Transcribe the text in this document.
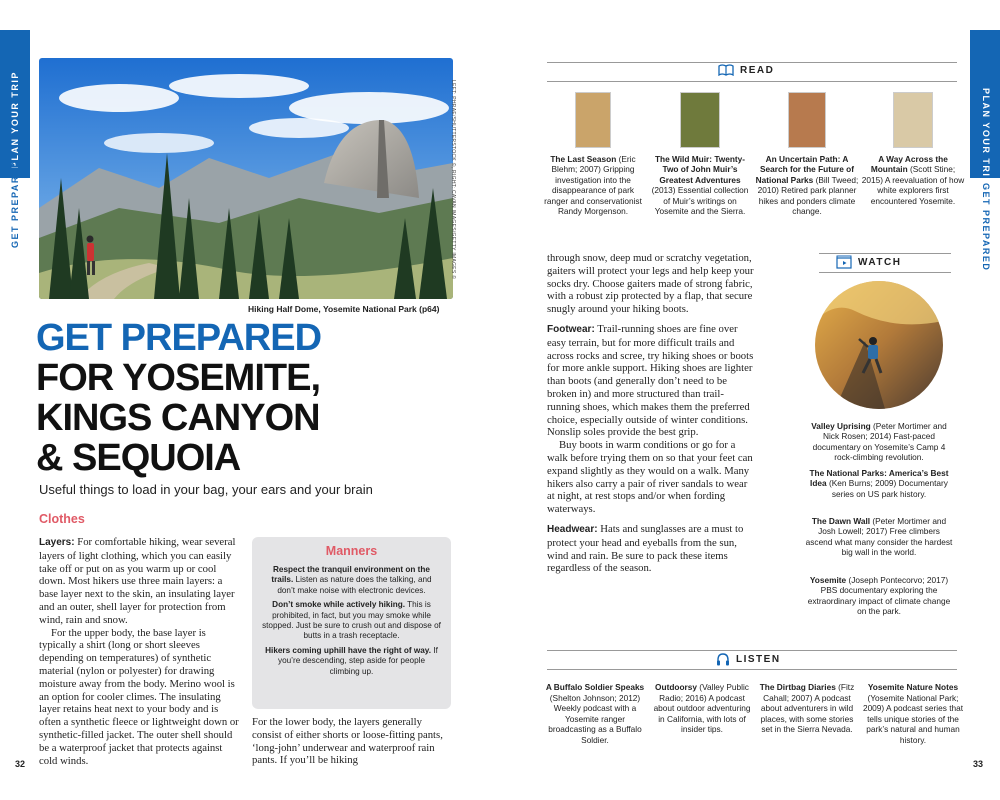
PLAN YOUR TRIP
GET PREPARED
PLAN YOUR TRIP
GET PREPARED
32	33
LEFT: PHRAE/SHUTTERSTOCK ©, RIGHT: CAVAN IMAGES/GETTY IMAGES ©
Hiking Half Dome, Yosemite National Park (p64)
GET PREPARED
FOR YOSEMITE,
KINGS CANYON
& SEQUOIA
Useful things to load in your bag, your ears and your brain
Clothes

Layers: For comfortable hiking, wear several layers of light clothing, which you can easily take off or put on as you warm up or cool down. Most hikers use three main layers: a base layer next to the skin, an insulating layer and an outer, shell layer for protection from wind, rain and snow.

For the upper body, the base layer is typically a shirt (long or short sleeves depending on temperatures) of synthetic material (nylon or polyester) for drawing moisture away from the body. Merino wool is an option for cooler climes. The insulating layer retains heat next to your body and is often a synthetic fleece or lightweight down or synthetic-filled jacket. The outer shell should be a waterproof jacket that protects against cold winds.

Manners

Respect the tranquil environment on the trails. Listen as nature does the talking, and don’t make noise with electronic devices.

Don’t smoke while actively hiking. This is prohibited, in fact, but you may smoke while stopped. Just be sure to crush out and dispose of butts in a trash receptacle.

Hikers coming uphill have the right of way. If you’re descending, step aside for people climbing up.

For the lower body, the layers generally consist of either shorts or loose-fitting pants, ‘long-john’ underwear and waterproof rain pants. If you’ll be hiking

READ
The Last Season (Eric Blehm; 2007) Gripping investigation into the disappearance of park ranger and conservationist Randy Morgenson.
The Wild Muir: Twenty-Two of John Muir’s Greatest Adventures (2013) Essential collection of Muir’s writings on Yosemite and the Sierra.
An Uncertain Path: A Search for the Future of National Parks (Bill Tweed; 2010) Retired park planner hikes and ponders climate change.
A Way Across the Mountain (Scott Stine; 2015) A reevaluation of how white explorers first encountered Yosemite.

through snow, deep mud or scratchy vegetation, gaiters will protect your legs and help keep your socks dry. Choose gaiters made of strong fabric, with a robust zip protected by a flap, that secure snugly around your hiking boots.

Footwear: Trail-running shoes are fine over easy terrain, but for more difficult trails and across rocks and scree, try hiking shoes or boots for more ankle support. Hiking shoes are lighter than boots (and generally don’t need to be broken in) and more structured than trail-running shoes, which makes them the preferred choice, especially outside of winter conditions. Nonslip soles provide the best grip.

Buy boots in warm conditions or go for a walk before trying them on so that your feet can expand slightly as they would on a walk. Many hikers also carry a pair of river sandals to wear at night, at rest stops and/or when fording waterways.

Headwear: Hats and sunglasses are a must to protect your head and eyeballs from the sun, wind and rain. Be sure to pack these items regardless of the season.

WATCH
Valley Uprising (Peter Mortimer and Nick Rosen; 2014) Fast-paced documentary on Yosemite’s Camp 4 rock-climbing revolution.
The National Parks: America’s Best Idea (Ken Burns; 2009) Documentary series on US park history.
The Dawn Wall (Peter Mortimer and Josh Lowell; 2017) Free climbers ascend what many consider the hardest big wall in the world.
Yosemite (Joseph Pontecorvo; 2017) PBS documentary exploring the extraordinary impact of climate change on the park.
LISTEN
A Buffalo Soldier Speaks (Shelton Johnson; 2012) Weekly podcast with a Yosemite ranger broadcasting as a Buffalo Soldier.
Outdoorsy (Valley Public Radio; 2016) A podcast about outdoor adventuring in California, with lots of insider tips.
The Dirtbag Diaries (Fitz Cahall; 2007) A podcast about adventurers in wild places, with some stories set in the Sierra Nevada.
Yosemite Nature Notes (Yosemite National Park; 2009) A podcast series that tells unique stories of the park’s natural and human history.
